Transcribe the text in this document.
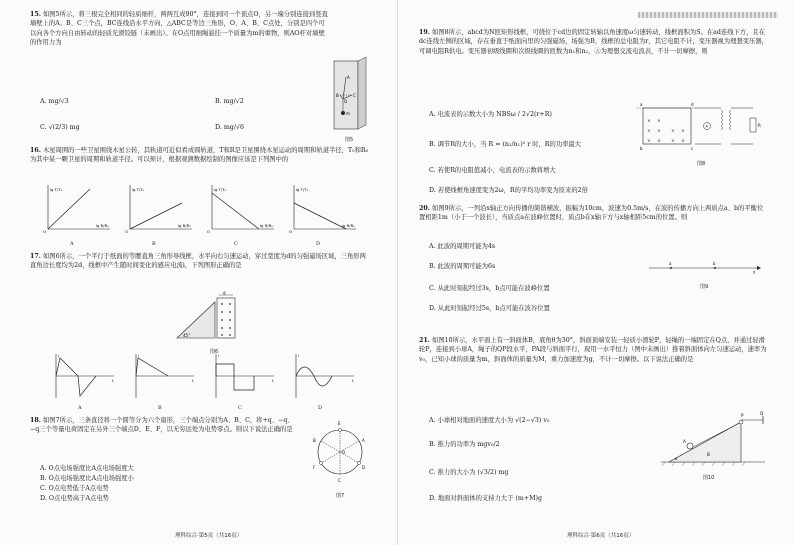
15. 如图5所示，将三根完全相同的轻质细杆，两两互成90°，连接到同一个顶点O，另一端分别连接到竖直墙壁上的A、B、C三个点，BC连线沿水平方向，△ABC是等边三角形，O、A、B、C点处，分别是四个可以向各个方向自由转动的轻质光滑铰链（未画出）。在O点用细绳悬挂一个质量为m的重物，则AO杆对墙壁的作用力为
A. mg/√3	B. mg/√2
C. √(2/3) mg	D. mg/√6
A
B	C
O
m
图5
16. 木星周围的一些卫星围绕木星公转，其轨道可近似看成圆轨道，T和R是卫星围绕木星运动的周期和轨道半径，T₀和R₀为其中某一颗卫星的周期和轨道半径。可以预计，根据观测数据绘制的图像应该是下列图中的
lg T/T₀
lg R/R₀
O
lg T/T₀
lg R/R₀
O
lg T/T₀
lg R/R₀
O
lg T/T₀
lg R/R₀
O
A	B	C	D
17. 如图6所示，一个平行于纸面的等腰直角三角形导线框，水平向右匀速运动，穿过宽度为d的匀强磁场区域，三角形两直角边长度均为2d，线框中产生随时间变化的感应电流i，下列图形正确的是
d
45°
图6
i
t
i
t
i
t
i
t
A	B	C	D
18. 如图7所示，三条直径将一个圆等分为六个扇形，三个端点分别为A、B、C，将+q、−q、−q三个等量电荷固定在另外三个端点D、E、F，以无穷远处为电势零点。则以下说法正确的是
A. O点电场强度比A点电场强度大
B. O点电场强度比A点电场强度小
C. O点电势低于A点电势
D. O点电势高于A点电势
E
B	A
F	D
C
O
图7
理科综合·第5页（共16页）
19. 如图8所示，abcd为N匝矩形线框，可绕位于cd边的固定转轴以角速度ω匀速转动，线框面积为S。在ad连线下方，且在dc连线左侧的区域，存在垂直于纸面向里的匀强磁场，场强为B，线框的总电阻为r，其它电阻不计，变压器视为理想变压器，可调电阻R供电。变压器初级线圈和次级线圈的匝数为n₁和n₂，Ⓐ为理想交流电流表，不计一切摩擦，则
A. 电流表的示数大小为 NBSω / 2√2(r+R)
B. 调节R的大小，当 R = (n₂/n₁)² r 时，R的功率最大
C. 若使R的电阻值减小，电流表的示数将增大
D. 若使线框角速度变为2ω，R的平均功率变为原来的2倍
× ×
× ×
× ×
× ×
× ×
A
a
b	c
d
R
图8
20. 如图9所示，一列沿x轴正方向传播的简谐横波，振幅为10cm，波速为0.5m/s，在波的传播方向上两质点a、b的平衡位置相距1m（小于一个波长），当质点a在波峰位置时，质点b在x轴下方与x轴相距5cm的位置。则
A. 此波的周期可能为4s
B. 此波的周期可能为6s
C. 从此时刻起经过3s，b点可能在波峰位置
D. 从此时刻起经过5s，b点可能在波谷位置
a	b
x
图9
21. 如图10所示，水平面上有一斜面体B，底角θ为30°，斜面顶端安装一轻质小滑轮P，轻绳的一端固定在Q点，并通过轻滑轮P，连接到小球A，绳子的QP段水平，PA段与斜面平行，现用一水平恒力（图中未画出）推着斜面体向左匀速运动，速率为v₀，已知小球的质量为m，斜面体的质量为M，重力加速度为g，不计一切摩擦。以下说法正确的是
A. 小球相对地面的速度大小为 √(2−√3) v₀
B. 推力的功率为 mgv₀/2
C. 推力的大小为 (√3/2) mg
D. 地面对斜面体的支持力大于 (m+M)g
P	Q
A
B
θ
图10
理科综合·第6页（共16页）
